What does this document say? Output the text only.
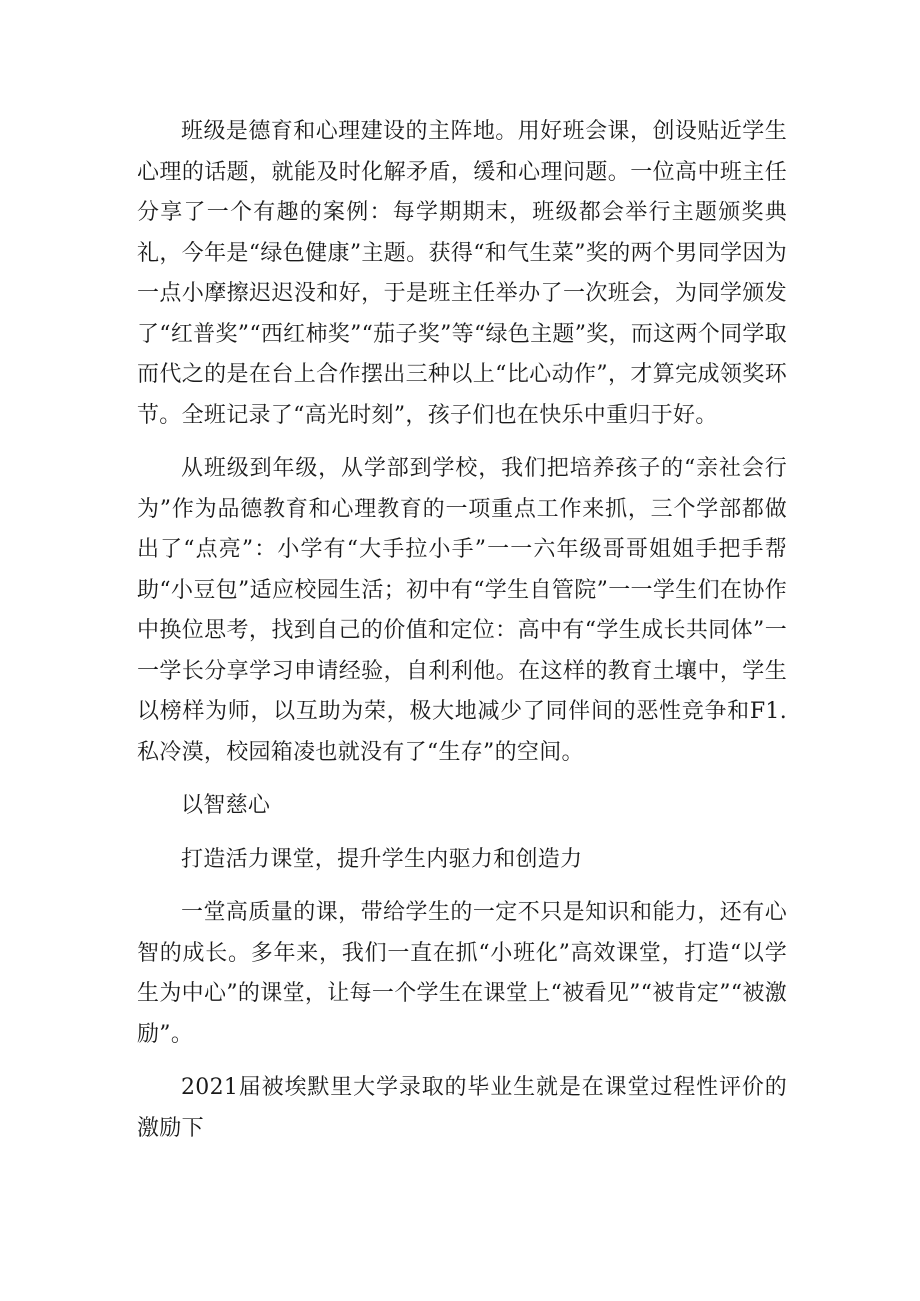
班级是德育和心理建设的主阵地。用好班会课，创设贴近学生心理的话题，就能及时化解矛盾，缓和心理问题。一位高中班主任分享了一个有趣的案例：每学期期末，班级都会举行主题颁奖典礼，今年是“绿色健康”主题。获得“和气生菜”奖的两个男同学因为一点小摩擦迟迟没和好，于是班主任举办了一次班会，为同学颁发了“红普奖”“西红柿奖”“茄子奖”等“绿色主题”奖，而这两个同学取而代之的是在台上合作摆出三种以上“比心动作”，才算完成领奖环节。全班记录了“高光时刻”，孩子们也在快乐中重归于好。

从班级到年级，从学部到学校，我们把培养孩子的“亲社会行为”作为品德教育和心理教育的一项重点工作来抓，三个学部都做出了“点亮”：小学有“大手拉小手”一一六年级哥哥姐姐手把手帮助“小豆包”适应校园生活；初中有“学生自管院”一一学生们在协作中换位思考，找到自己的价值和定位：高中有“学生成长共同体”一一学长分享学习申请经验，自利利他。在这样的教育土壤中，学生以榜样为师，以互助为荣，极大地减少了同伴间的恶性竞争和F1.私冷漠，校园箱凌也就没有了“生存”的空间。

以智慈心

打造活力课堂，提升学生内驱力和创造力

一堂高质量的课，带给学生的一定不只是知识和能力，还有心智的成长。多年来，我们一直在抓“小班化”高效课堂，打造“以学生为中心”的课堂，让每一个学生在课堂上“被看见”“被肯定”“被激励”。

2021届被埃默里大学录取的毕业生就是在课堂过程性评价的激励下
